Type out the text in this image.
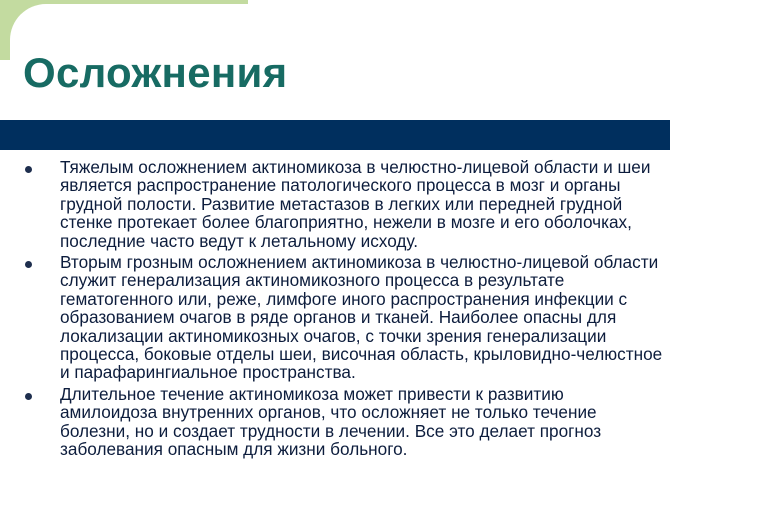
Осложнения
Тяжелым осложнением актиномикоза в челюстно-лицевой области и шеи
является распространение патологического процесса в мозг и органы
грудной полости. Развитие метастазов в легких или передней грудной
стенке протекает более благоприятно, нежели в мозге и его оболочках,
последние часто ведут к летальному исходу.
Вторым грозным осложнением актиномикоза в челюстно-лицевой области
служит генерализация актиномикозного процесса в результате
гематогенного или, реже, лимфоге иного распространения инфекции с
образованием очагов в ряде органов и тканей. Наиболее опасны для
локализации актиномикозных очагов, с точки зрения генерализации
процесса, боковые отделы шеи, височная область, крыловидно-челюстное
и парафарингиальное пространства.
Длительное течение актиномикоза может привести к развитию
амилоидоза внутренних органов, что осложняет не только течение
болезни, но и создает трудности в лечении. Все это делает прогноз
заболевания опасным для жизни больного.
